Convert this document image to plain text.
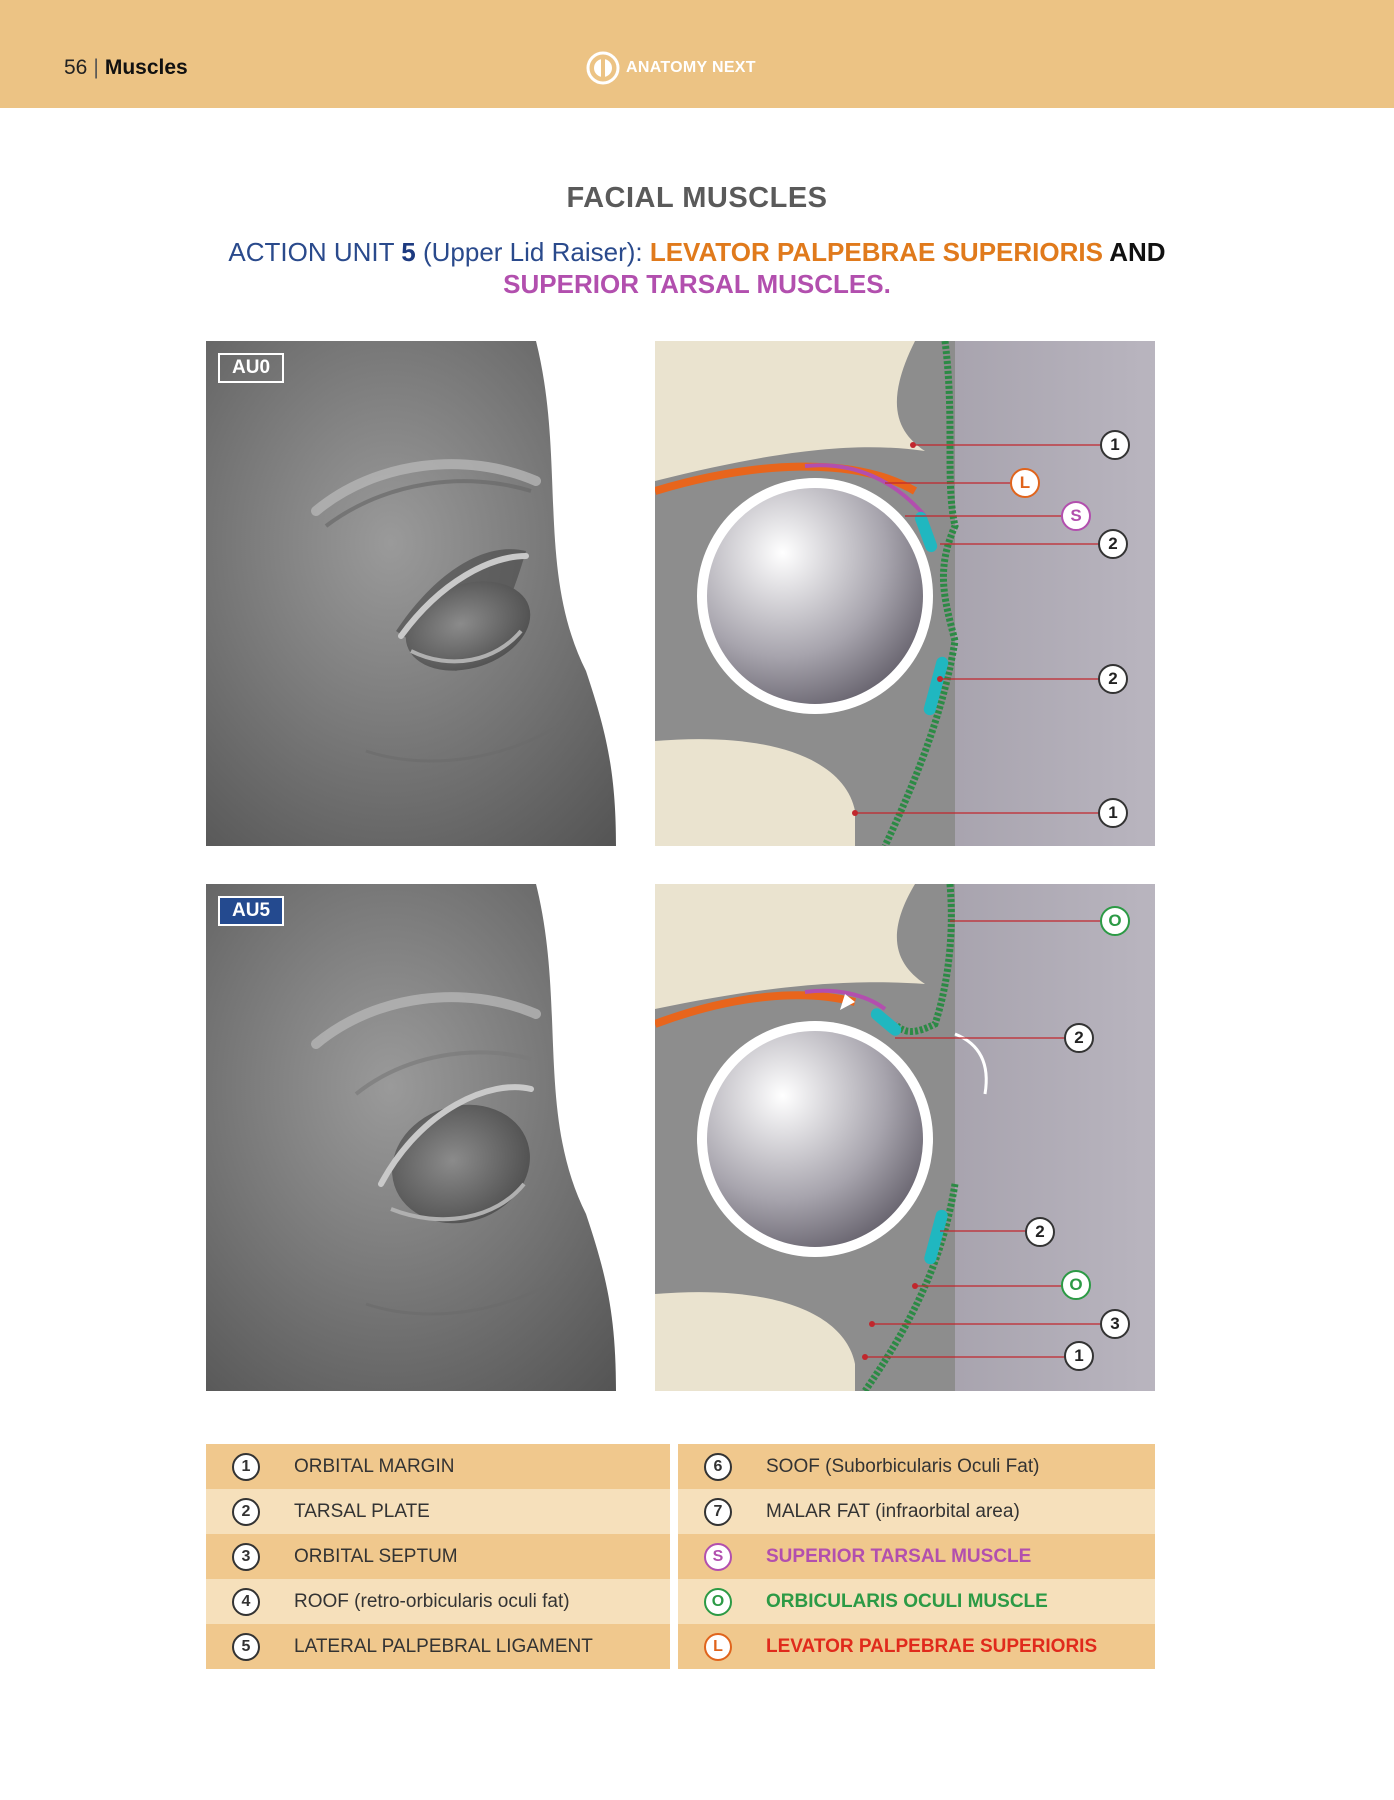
56 | Muscles	ANATOMY NEXT
FACIAL MUSCLES
ACTION UNIT 5 (Upper Lid Raiser): LEVATOR PALPEBRAE SUPERIORIS AND
SUPERIOR TARSAL MUSCLES.
AU0
1
L
S
2
2
1
AU5	O
2
2
O
3
1
1	ORBITAL MARGIN
2	TARSAL PLATE
3	ORBITAL SEPTUM
4	ROOF (retro-orbicularis oculi fat)
5	LATERAL PALPEBRAL LIGAMENT
6	SOOF (Suborbicularis Oculi Fat)
7	MALAR FAT (infraorbital area)
S	SUPERIOR TARSAL MUSCLE
O	ORBICULARIS OCULI MUSCLE
L	LEVATOR PALPEBRAE SUPERIORIS
